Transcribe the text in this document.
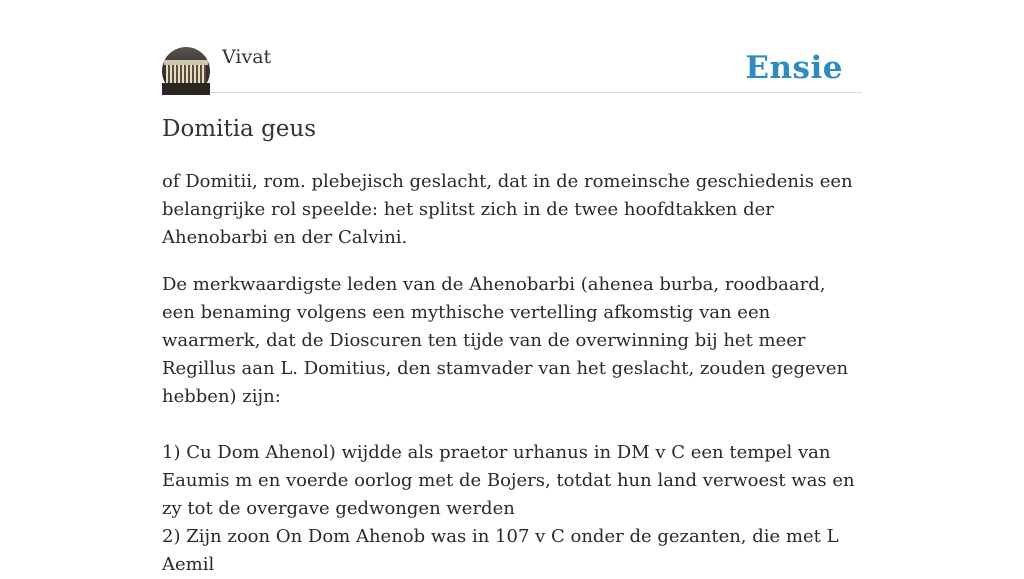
Vivat	Ensie
Domitia geus

of Domitii, rom. plebejisch geslacht, dat in de romeinsche geschiedenis een belangrijke rol speelde: het splitst zich in de twee hoofdtakken der Ahenobarbi en der Calvini.

De merkwaardigste leden van de Ahenobarbi (ahenea burba, roodbaard, een benaming volgens een mythische vertelling afkomstig van een waarmerk, dat de Dioscuren ten tijde van de overwinning bij het meer Regillus aan L. Domitius, den stamvader van het geslacht, zouden gegeven hebben) zijn:

1) Cu Dom Ahenol) wijdde als praetor urhanus in DM v C een tempel van Eaumis m en voerde oorlog met de Bojers, totdat hun land verwoest was en zy tot de overgave gedwongen werden
2) Zijn zoon On Dom Ahenob was in 107 v C onder de gezanten, die met L Aemil
